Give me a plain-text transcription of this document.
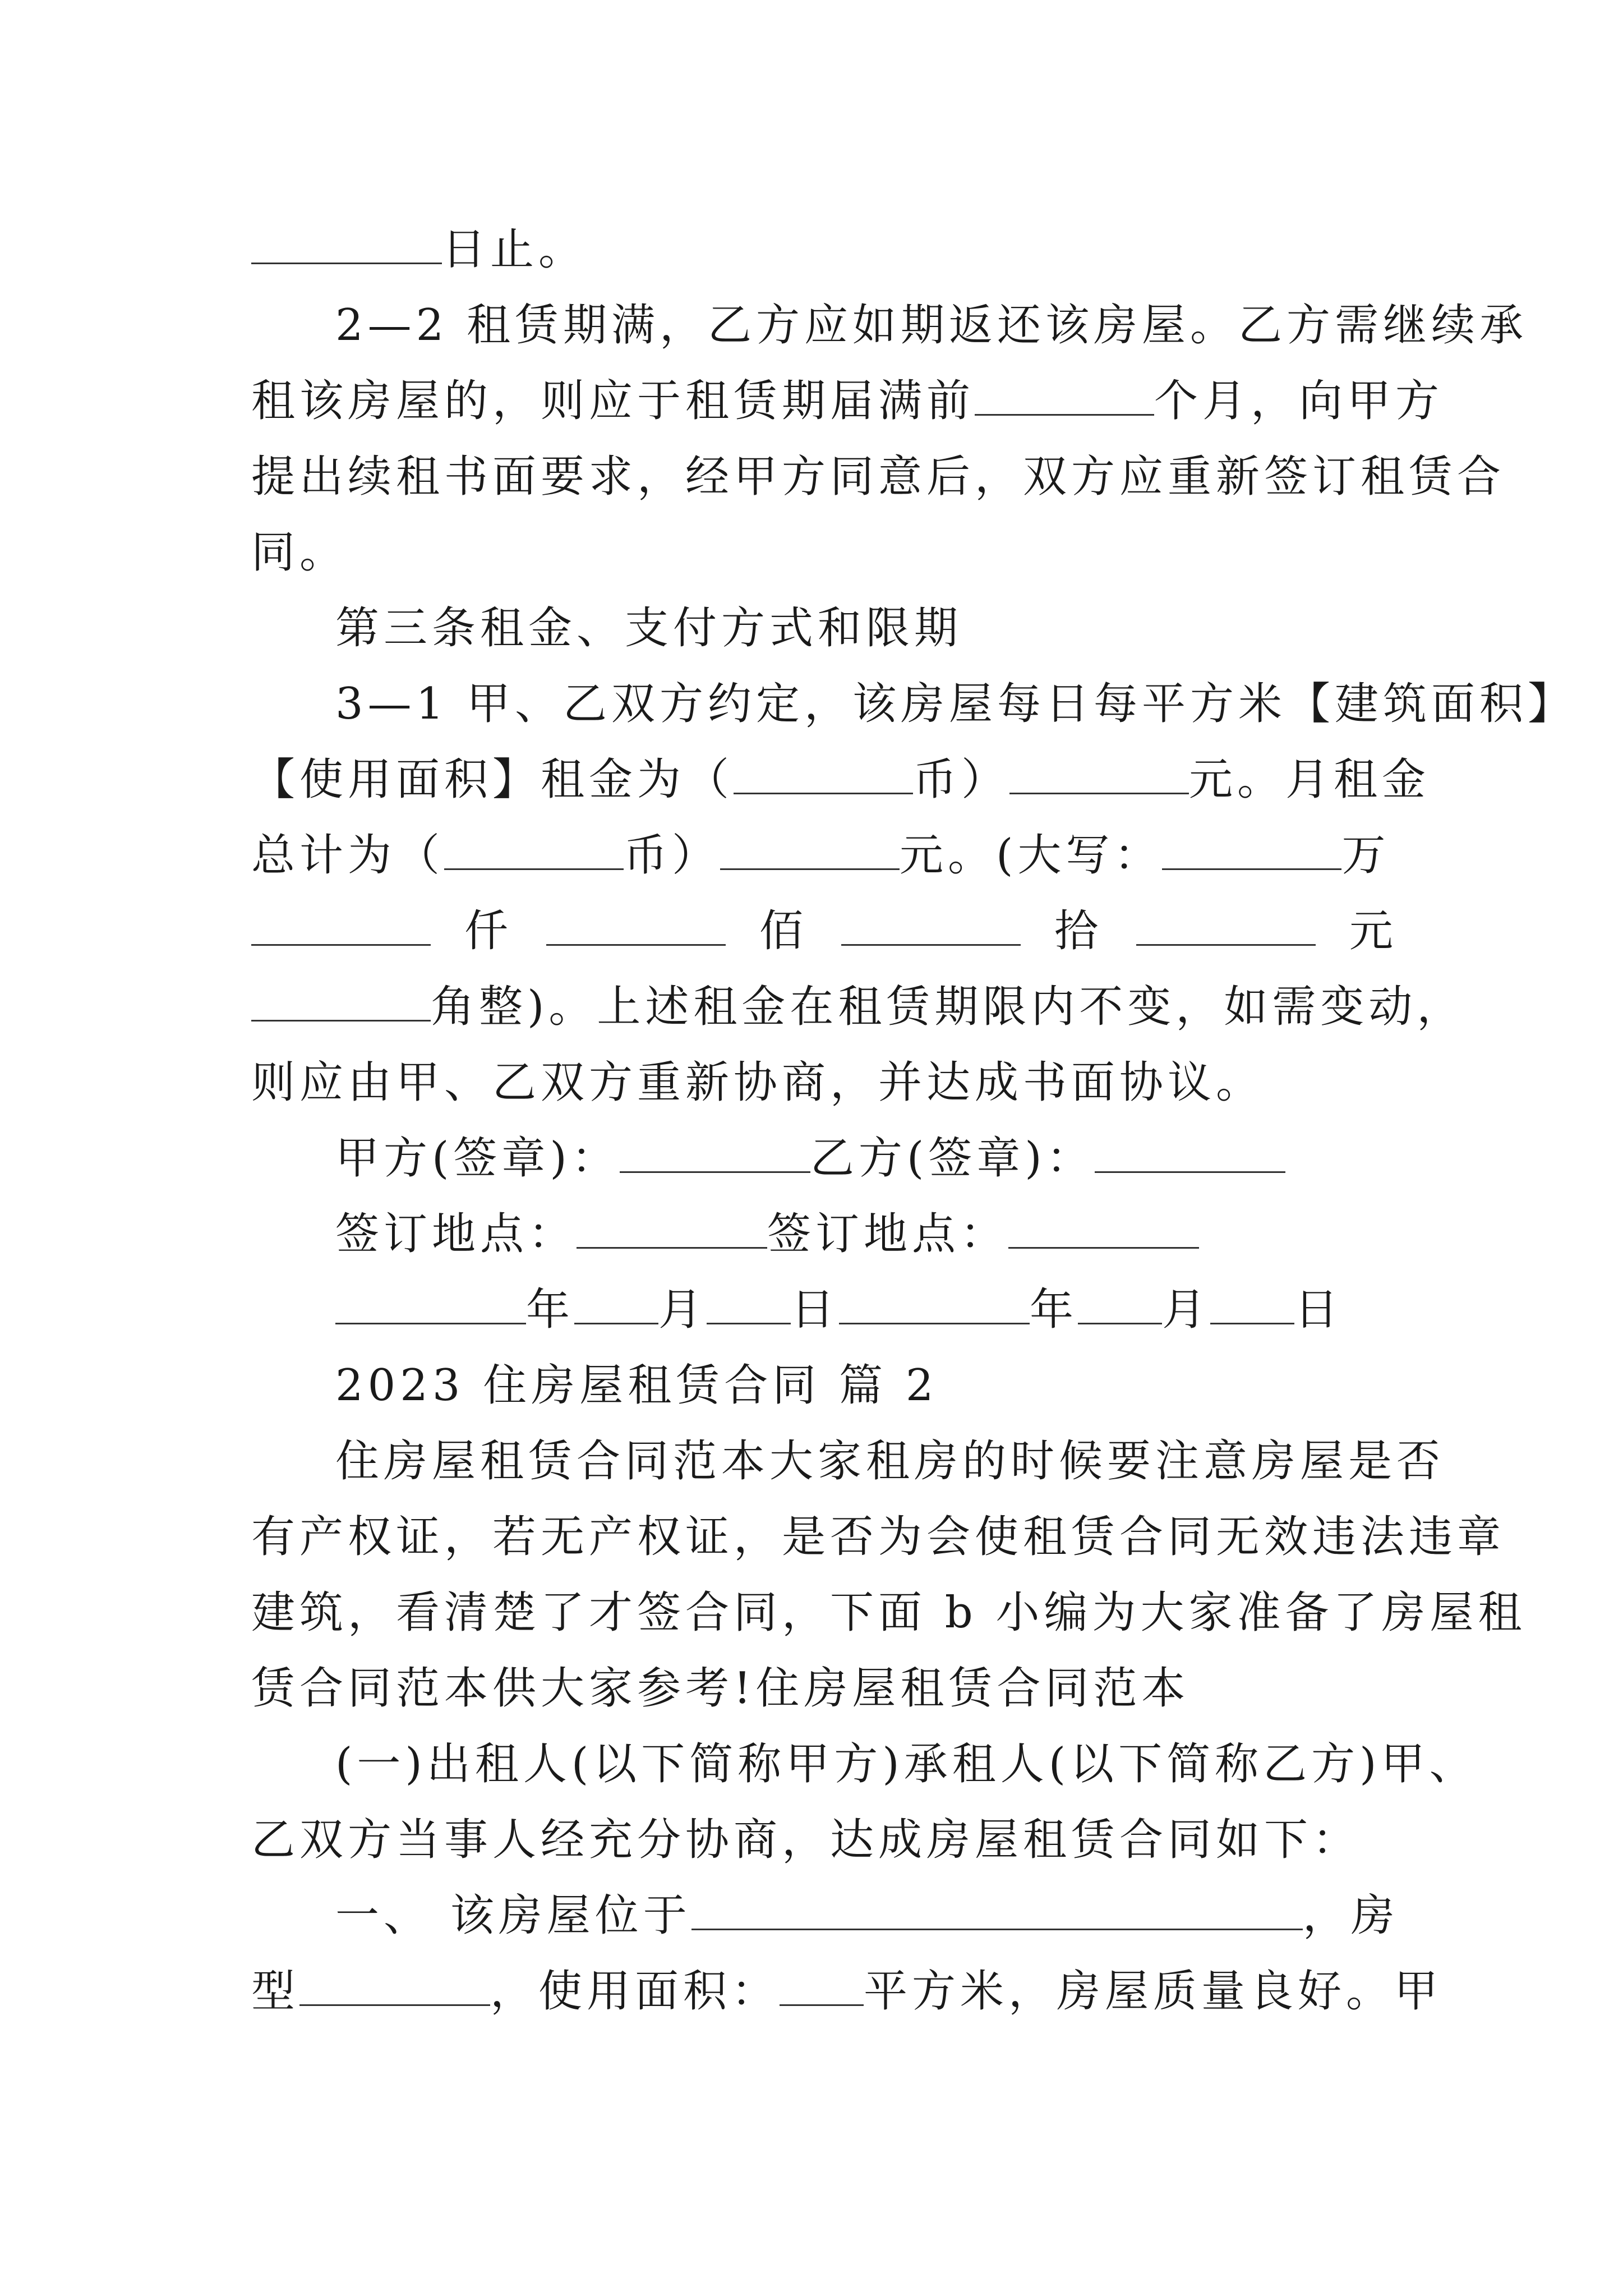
日止。
2—2 租赁期满，乙方应如期返还该房屋。乙方需继续承
租该房屋的，则应于租赁期届满前	个月，向甲方
提出续租书面要求，经甲方同意后，双方应重新签订租赁合
同。
第三条租金、支付方式和限期
3—1 甲、乙双方约定，该房屋每日每平方米【建筑面积】
【使用面积】租金为（	币）	元。月租金
总计为（	币）	元。(大写：	万
仟	佰	拾	元
角整)。上述租金在租赁期限内不变，如需变动，
则应由甲、乙双方重新协商，并达成书面协议。
甲方(签章)：	乙方(签章)：
签订地点：	签订地点：
年 月 日	年 月 日
2023 住房屋租赁合同 篇 2
住房屋租赁合同范本大家租房的时候要注意房屋是否
有产权证，若无产权证，是否为会使租赁合同无效违法违章
建筑，看清楚了才签合同，下面 b 小编为大家准备了房屋租
赁合同范本供大家参考!住房屋租赁合同范本
(一)出租人(以下简称甲方)承租人(以下简称乙方)甲、
乙双方当事人经充分协商，达成房屋租赁合同如下：
一、 该房屋位于	，房
型	，使用面积： 平方米，房屋质量良好。甲
